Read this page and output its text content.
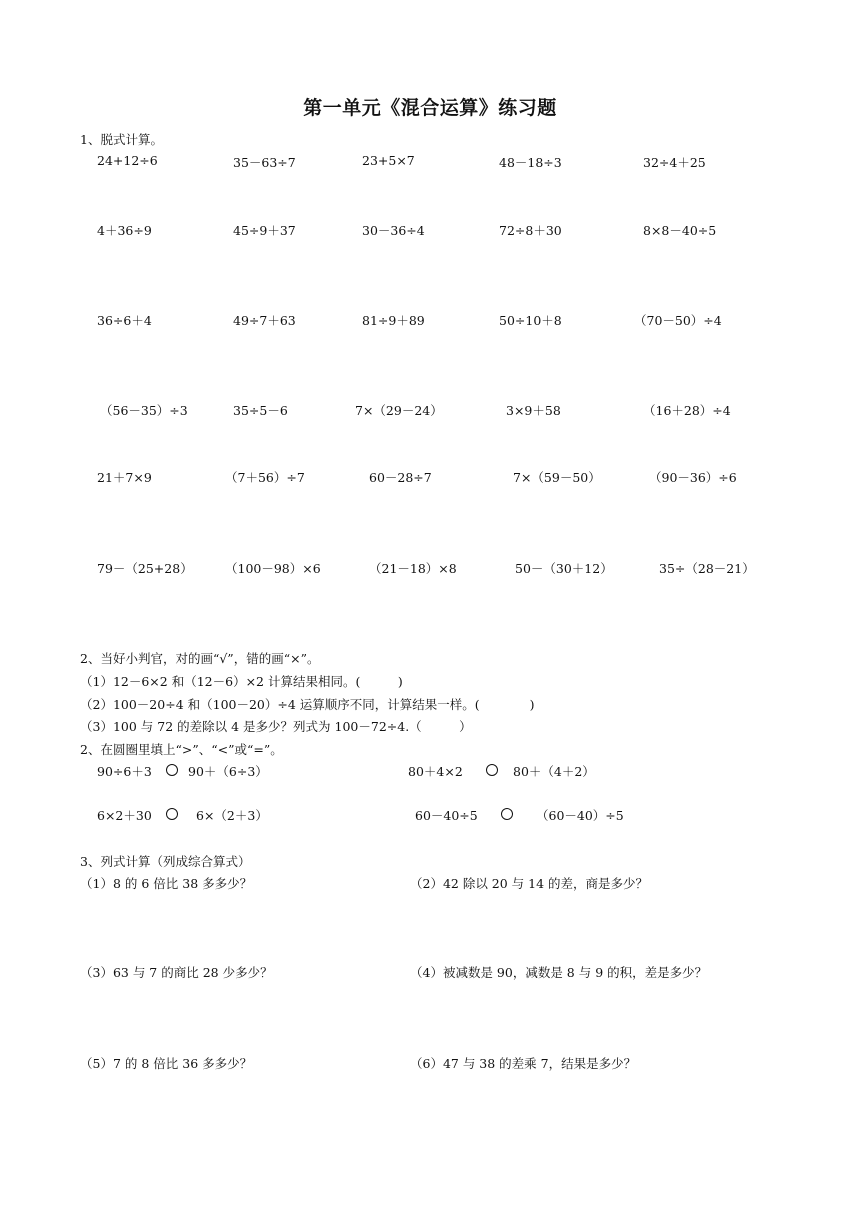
第一单元《混合运算》练习题
1、脱式计算。
24+12÷6	35－63÷7	23+5×7	48－18÷3	32÷4＋25
4＋36÷9	45÷9＋37	30－36÷4	72÷8＋30	8×8－40÷5
36÷6＋4	49÷7＋63	81÷9＋89	50÷10＋8	（70－50）÷4
（56－35）÷3	35÷5－6	7×（29－24）	3×9＋58	（16＋28）÷4
21＋7×9	（7＋56）÷7	60－28÷7	7×（59－50）	（90－36）÷6
79－（25+28）	（100－98）×6	（21－18）×8	50－（30＋12）	35÷（28－21）
2、当好小判官，对的画“√”，错的画“×”。
（1）12－6×2 和（12－6）×2 计算结果相同。(　　　)
（2）100－20÷4 和（100－20）÷4 运算顺序不同，计算结果一样。(　　　　)
（3）100 与 72 的差除以 4 是多少？列式为 100－72÷4.（　　　）
2、在圆圈里填上“>”、“<”或“=”。
90÷6＋3	90＋（6÷3）	80＋4×2	80＋（4＋2）
6×2＋30	6×（2＋3）	60－40÷5	（60－40）÷5
3、列式计算（列成综合算式）
（1）8 的 6 倍比 38 多多少？	（2）42 除以 20 与 14 的差，商是多少？
（3）63 与 7 的商比 28 少多少？	（4）被减数是 90，减数是 8 与 9 的积，差是多少？
（5）7 的 8 倍比 36 多多少？	（6）47 与 38 的差乘 7，结果是多少？
